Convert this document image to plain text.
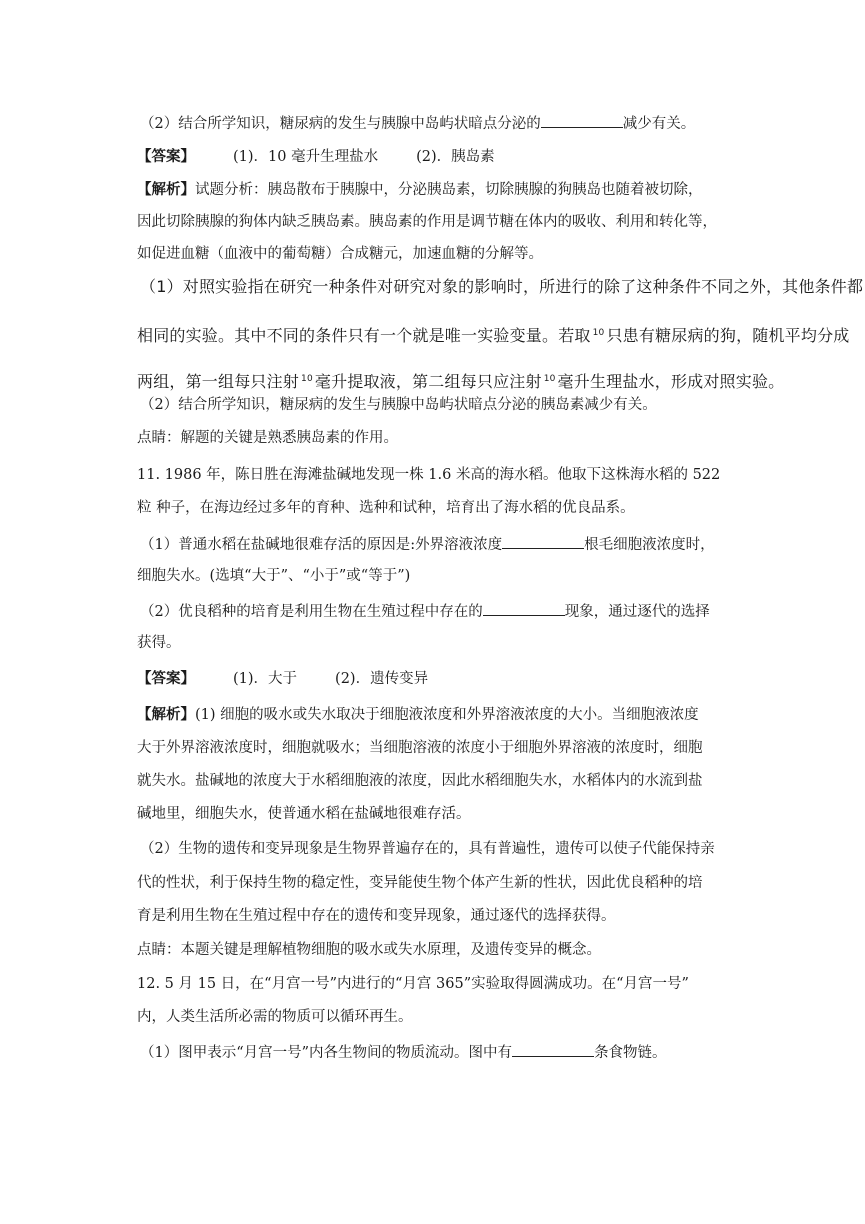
（2）结合所学知识，糖尿病的发生与胰腺中岛屿状暗点分泌的	减少有关。
【答案】	(1)．10 毫升生理盐水	(2)．胰岛素
【解析】试题分析：胰岛散布于胰腺中，分泌胰岛素，切除胰腺的狗胰岛也随着被切除，
因此切除胰腺的狗体内缺乏胰岛素。胰岛素的作用是调节糖在体内的吸收、利用和转化等，
如促进血糖（血液中的葡萄糖）合成糖元，加速血糖的分解等。
（1）对照实验指在研究一种条件对研究对象的影响时，所进行的除了这种条件不同之外，其他条件都
相同的实验。其中不同的条件只有一个就是唯一实验变量。若取 $^{10}$ 只患有糖尿病的狗，随机平均分成
两组，第一组每只注射 $^{10}$ 毫升提取液，第二组每只应注射 $^{10}$ 毫升生理盐水，形成对照实验。
（2）结合所学知识，糖尿病的发生与胰腺中岛屿状暗点分泌的胰岛素减少有关。
点睛：解题的关键是熟悉胰岛素的作用。
11. 1986 年，陈日胜在海滩盐碱地发现一株 1.6 米高的海水稻。他取下这株海水稻的 522
粒 种子，在海边经过多年的育种、选种和试种，培育出了海水稻的优良品系。
（1）普通水稻在盐碱地很难存活的原因是:外界溶液浓度	根毛细胞液浓度时，
细胞失水。(选填“大于”、“小于”或“等于”)
（2）优良稻种的培育是利用生物在生殖过程中存在的	现象，通过逐代的选择
获得。
【答案】	(1)．大于	(2)．遗传变异
【解析】(1) 细胞的吸水或失水取决于细胞液浓度和外界溶液浓度的大小。当细胞液浓度
大于外界溶液浓度时，细胞就吸水；当细胞溶液的浓度小于细胞外界溶液的浓度时，细胞
就失水。盐碱地的浓度大于水稻细胞液的浓度，因此水稻细胞失水，水稻体内的水流到盐
碱地里，细胞失水，使普通水稻在盐碱地很难存活。
（2）生物的遗传和变异现象是生物界普遍存在的，具有普遍性，遗传可以使子代能保持亲
代的性状，利于保持生物的稳定性，变异能使生物个体产生新的性状，因此优良稻种的培
育是利用生物在生殖过程中存在的遗传和变异现象，通过逐代的选择获得。
点睛：本题关键是理解植物细胞的吸水或失水原理，及遗传变异的概念。
12. 5 月 15 日，在“月宫一号”内进行的“月宫 365”实验取得圆满成功。在“月宫一号”
内，人类生活所必需的物质可以循环再生。
（1）图甲表示“月宫一号”内各生物间的物质流动。图中有	条食物链。
